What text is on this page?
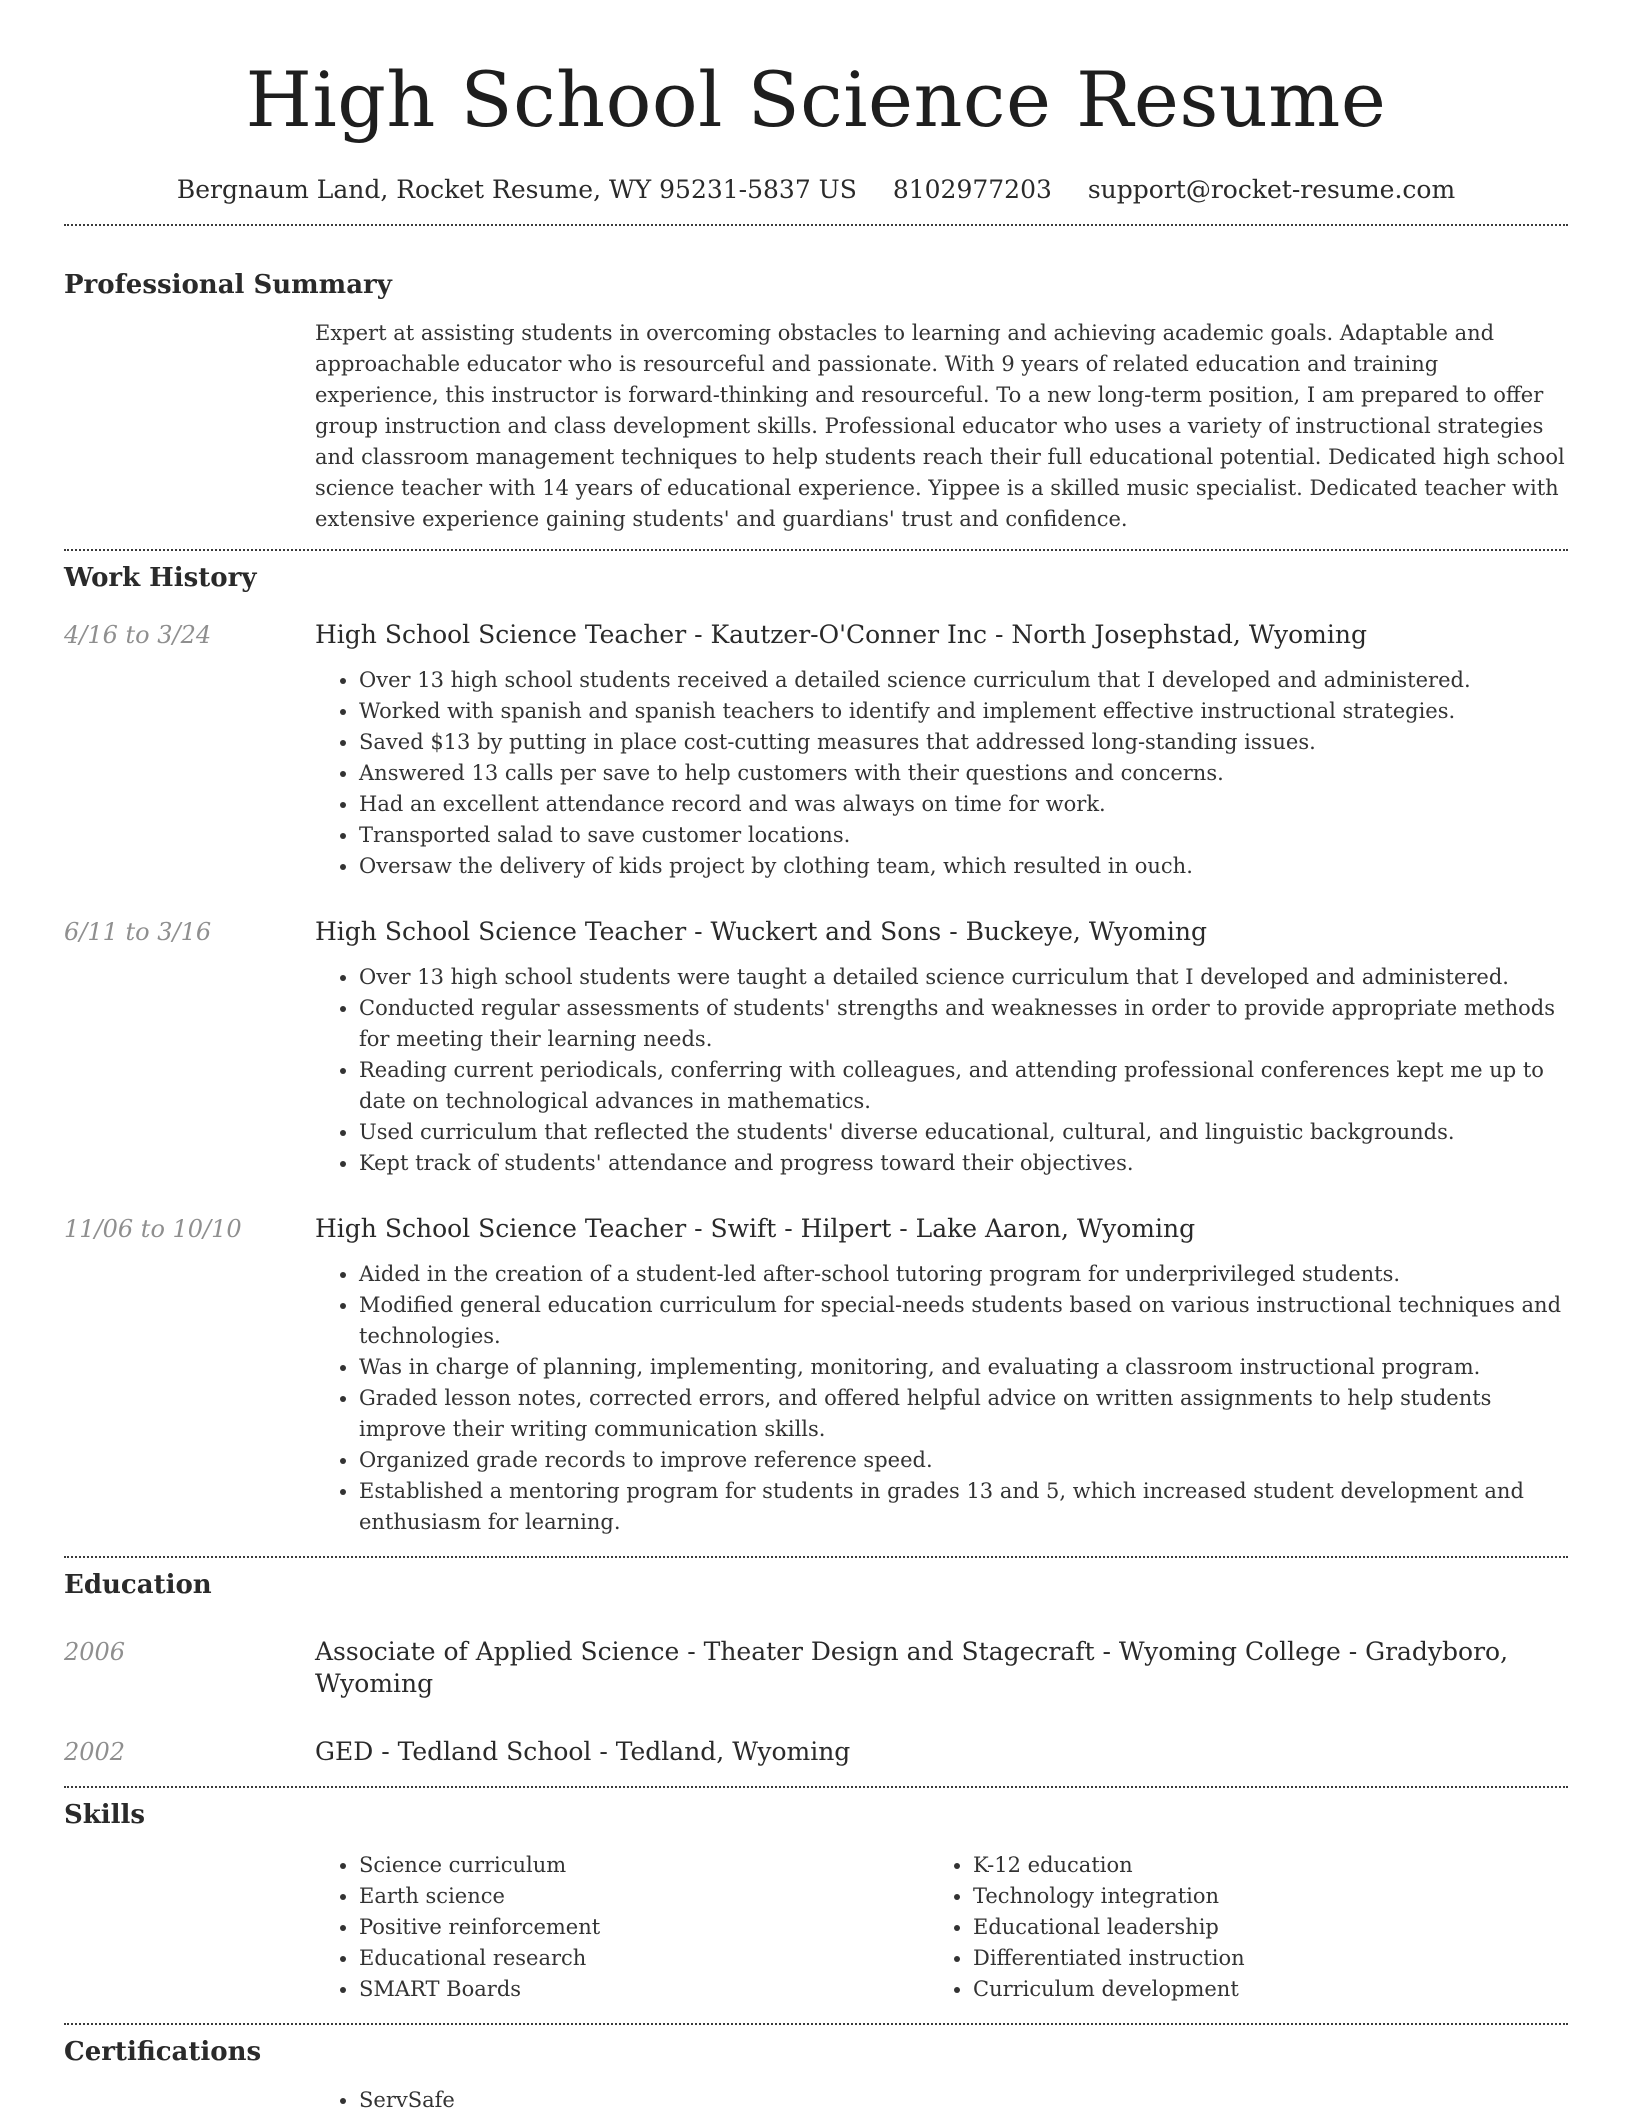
High School Science Resume
Bergnaum Land, Rocket Resume, WY 95231-5837 US 8102977203 support@rocket-resume.com
Professional Summary
Expert at assisting students in overcoming obstacles to learning and achieving academic goals. Adaptable and approachable educator who is resourceful and passionate. With 9 years of related education and training experience, this instructor is forward-thinking and resourceful. To a new long-term position, I am prepared to offer group instruction and class development skills. Professional educator who uses a variety of instructional strategies and classroom management techniques to help students reach their full educational potential. Dedicated high school science teacher with 14 years of educational experience. Yippee is a skilled music specialist. Dedicated teacher with extensive experience gaining students' and guardians' trust and confidence.
Work History
4/16 to 3/24	High School Science Teacher - Kautzer-O'Conner Inc - North Josephstad, Wyoming
• Over 13 high school students received a detailed science curriculum that I developed and administered.
• Worked with spanish and spanish teachers to identify and implement effective instructional strategies.
• Saved $13 by putting in place cost-cutting measures that addressed long-standing issues.
• Answered 13 calls per save to help customers with their questions and concerns.
• Had an excellent attendance record and was always on time for work.
• Transported salad to save customer locations.
• Oversaw the delivery of kids project by clothing team, which resulted in ouch.
6/11 to 3/16	High School Science Teacher - Wuckert and Sons - Buckeye, Wyoming
• Over 13 high school students were taught a detailed science curriculum that I developed and administered.
• Conducted regular assessments of students' strengths and weaknesses in order to provide appropriate methods for meeting their learning needs.
• Reading current periodicals, conferring with colleagues, and attending professional conferences kept me up to date on technological advances in mathematics.
• Used curriculum that reflected the students' diverse educational, cultural, and linguistic backgrounds.
• Kept track of students' attendance and progress toward their objectives.
11/06 to 10/10	High School Science Teacher - Swift - Hilpert - Lake Aaron, Wyoming
• Aided in the creation of a student-led after-school tutoring program for underprivileged students.
• Modified general education curriculum for special-needs students based on various instructional techniques and technologies.
• Was in charge of planning, implementing, monitoring, and evaluating a classroom instructional program.
• Graded lesson notes, corrected errors, and offered helpful advice on written assignments to help students improve their writing communication skills.
• Organized grade records to improve reference speed.
• Established a mentoring program for students in grades 13 and 5, which increased student development and enthusiasm for learning.
Education
2006	Associate of Applied Science - Theater Design and Stagecraft - Wyoming College - Gradyboro, Wyoming
2002	GED - Tedland School - Tedland, Wyoming
Skills
• Science curriculum
• Earth science
• Positive reinforcement
• Educational research
• SMART Boards
• K-12 education
• Technology integration
• Educational leadership
• Differentiated instruction
• Curriculum development
Certifications
• ServSafe
